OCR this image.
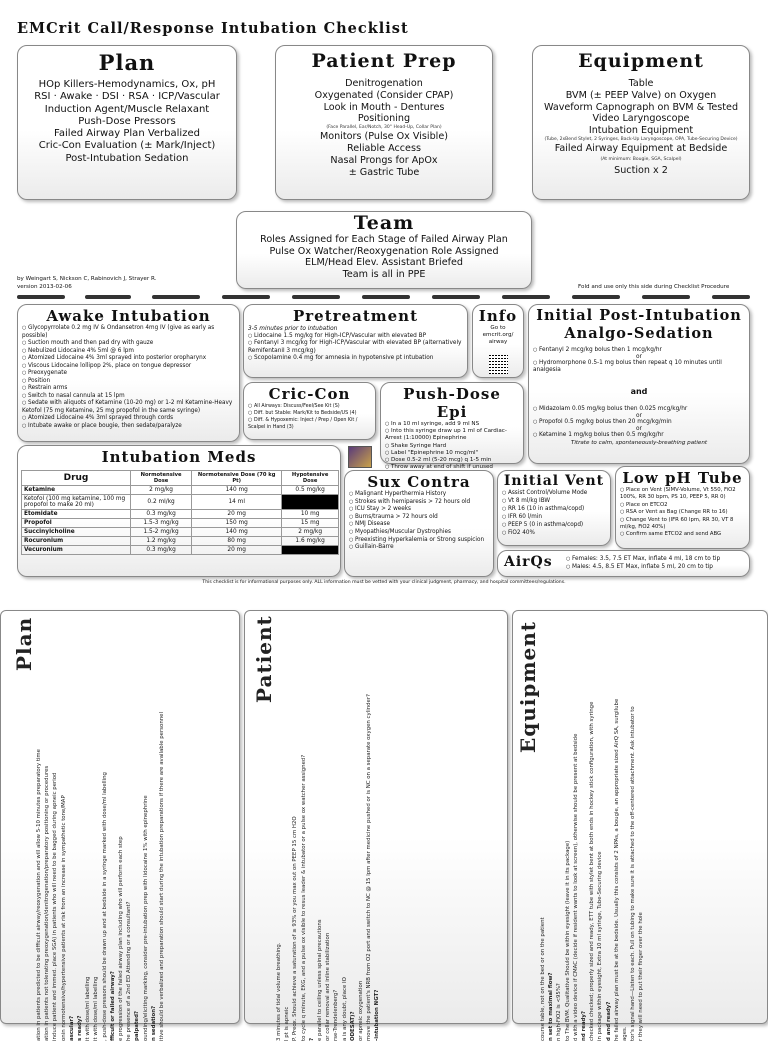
EMCrit Call/Response Intubation Checklist
Plan
HOp Killers-Hemodynamics, Ox, pH
RSI · Awake · DSI · RSA · ICP/Vascular
Induction Agent/Muscle Relaxant
Push-Dose Pressors
Failed Airway Plan Verbalized
Cric-Con Evaluation (± Mark/Inject)
Post-Intubation Sedation
Patient Prep
Denitrogenation
Oxygenated (Consider CPAP)
Look in Mouth - Dentures
Positioning
(Face Parallel, Ear/Notch, 30° Head-Up, Collar Plan)
Monitors (Pulse Ox Visible)
Reliable Access
Nasal Prongs for ApOx
± Gastric Tube
Equipment
Table
BVM (± PEEP Valve) on Oxygen
Waveform Capnograph on BVM & Tested
Video Laryngoscope
Intubation Equipment
(Tube, 2xBend Stylet, 2 Syringes, Back-Up Laryngoscope, OPA, Tube-Securing Device)
Failed Airway Equipment at Bedside
(At minimum: Bougie, SGA, Scalpel)
Suction x 2
Team
Roles Assigned for Each Stage of Failed Airway Plan
Pulse Ox Watcher/Reoxygenation Role Assigned
ELM/Head Elev. Assistant Briefed
Team is all in PPE
by Weingart S, Nickson C, Rabinovich J, Strayer R.
version 2013-02-06	Fold and use only this side during Checklist Procedure
Awake Intubation
○ Glycopyrrolate 0.2 mg IV & Ondansetron 4mg IV (give as early as possible)
○ Suction mouth and then pad dry with gauze
○ Nebulized Lidocaine 4% 5ml @ 6 lpm
○ Atomized Lidocaine 4% 3ml sprayed into posterior oropharynx
○ Viscous Lidocaine lollipop 2%, place on tongue depressor
○ Preoxygenate
○ Position
○ Restrain arms
○ Switch to nasal cannula at 15 lpm
○ Sedate with aliquots of Ketamine (10-20 mg) or 1-2 ml Ketamine-Heavy Ketofol (75 mg Ketamine, 25 mg propofol in the same syringe)
○ Atomized Lidocaine 4% 3ml sprayed through cords
○ Intubate awake or place bougie, then sedate/paralyze
Pretreatment
3-5 minutes prior to intubation
○ Lidocaine 1.5 mg/kg for High-ICP/Vascular with elevated BP
○ Fentanyl 3 mcg/kg for High-ICP/Vascular with elevated BP (alternatively Remifentanil 3 mcg/kg)
○ Scopolamine 0.4 mg for amnesia in hypotensive pt intubation
Info
Go to
emcrit.org/
airway
Initial Post-Intubation
Analgo-Sedation
○ Fentanyl 2 mcg/kg bolus then 1 mcg/kg/hr
or
○ Hydromorphone 0.5-1 mg bolus then repeat q 10 minutes until analgesia
and
○ Midazolam 0.05 mg/kg bolus then 0.025 mcg/kg/hr
or
○ Propofol 0.5 mg/kg bolus then 20 mcg/kg/min
or
○ Ketamine 1 mg/kg bolus then 0.5 mg/kg/hr
Titrate to calm, spontaneously-breathing patient
Cric-Con
○ All Airways: Discuss/Feel/See Kit (S)
○ Diff. but Stable: Mark/Kit to Bedside/US (4)
○ Diff. & Hypoxemic: Inject / Prep / Open Kit / Scalpel in Hand (3)
Push-Dose Epi
○ In a 10 ml syringe, add 9 ml NS
○ Into this syringe draw up 1 ml of Cardiac-Arrest (1:10000) Epinephrine
○ Shake Syringe Hard
○ Label "Epinephrine 10 mcg/ml"
○ Dose 0.5-2 ml (5-20 mcg) q 1-5 min
○ Throw away at end of shift if unused
Intubation Meds
Drug	Normotensive Dose	Normotensive Dose (70 kg Pt)	Hypotensive Dose
Ketamine	2 mg/kg	140 mg	0.5 mg/kg
Ketofol (100 mg ketamine, 100 mg propofol to make 20 ml)	0.2 ml/kg	14 ml	
Etomidate	0.3 mg/kg	20 mg	10 mg
Propofol	1.5-3 mg/kg	150 mg	15 mg
Succinylcholine	1.5-2 mg/kg	140 mg	2 mg/kg
Rocuronium	1.2 mg/kg	80 mg	1.6 mg/kg
Vecuronium	0.3 mg/kg	20 mg	
Sux Contra
○ Malignant Hyperthermia History
○ Strokes with hemiparesis > 72 hours old
○ ICU Stay > 2 weeks
○ Burns/trauma > 72 hours old
○ NMJ Disease
○ Myopathies/Muscular Dystrophies
○ Preexisting Hyperkalemia or Strong suspicion
○ Guillain-Barre
Initial Vent
○ Assist Control/Volume Mode
○ Vt 8 ml/kg IBW
○ RR 16 (10 in asthma/copd)
○ IFR 60 l/min
○ PEEP 5 (0 in asthma/copd)
○ FiO2 40%
Low pH Tube
○ Place on Vent (SIMV-Volume, Vt 550, FiO2 100%, RR 30 bpm, PS 10, PEEP 5, RR 0)
○ Place on ETCO2
○ RSA or Vent as Bag (Change RR to 16)
○ Change Vent to (IFR 60 lpm, RR 30, VT 8 ml/kg, FiO2 40%)
○ Confirm same ETCO2 and send ABG
AirQs	○ Females: 3.5, 7.5 ET Max, inflate 4 ml, 18 cm to tip
○ Males: 4.5, 8.5 ET Max, inflate 5 ml, 20 cm to tip
This checklist is for informational purposes only. ALL information must be vetted with your clinical judgment, pharmacy, and hospital committees/regulations.
Plan
ation in patients predicted to be difficult airway/reoxygenation and will allow 5-10 minutes preparatory time ation in patients not tolerating preoxygenation/denitrogenation/preparatory positioning or procedures induce patient and immed. place SGA) in patients who will need to be bagged during apneic period onin normotensive/hypertensive patients at risk from an increase in sympathetic tone/MAP ascular? s ready? it with dose/ml labelling it with dose/ml labelling , push-dose pressors should be drawn up and at bedside in a syringe marked with dose/ml labelling fficult or failed airway? e progression of the failed airway plan including who will perform each step he presence of a 2nd ED Attending or a consultant? palpated? ounding/eliciting marking, consider pre-intubation prep with lidocaine 1% with epinephrine n sedation? itive should be verbalized and preparation should start during the intubation preparations if there are available personnel
Patient
3 minutes of tidal volume breathing. l pt is apneic P. Preox. Should achieve a saturation of ≥ 93% or you max out on PEEP 15 cm H2O to cycle q minute, EKG, and a pulse ox visible to resus leader & intubator or a pulse ox watcher assigned? ? e parallel to ceiling unless spinal precautions or collar removal and inline stabilization rse-Trendelenberg? a is any doubt, place IO ODESAT)? or apneic oxygenation move the patient's NRB from O2 port and switch to NC @ 15 lpm after medicine pushed or is NC on a separate oxygen cylinder? -intubation NGT?
Equipment
course table, not on the bed or on the patient n set to maximal flow? n high-FiO2 is <95%? to The BVM. Qualitative Should be within eyesight (leave it in its package) d with a video device if CMAC (decide if resident wants to look at screen), otherwise should be present at bedside nd ready? checked checked; properly sized and ready, ETT tube with stylet bent at both ends in hockey stick configuration, with syringe in package within eyesight, Extra 10 ml syringe, Tube-Securing device d and ready? he failed airway plan must be at the bedside. Usually this consists of 2 NPAs, a bougie, an appropriate sized AirQ SA, surgilube ages. tor's signal hand—Listen to each. Pull on tubing to make sure it is attached to the off-centered attachment. Ask intubator to r they will need to put their finger over the hole
